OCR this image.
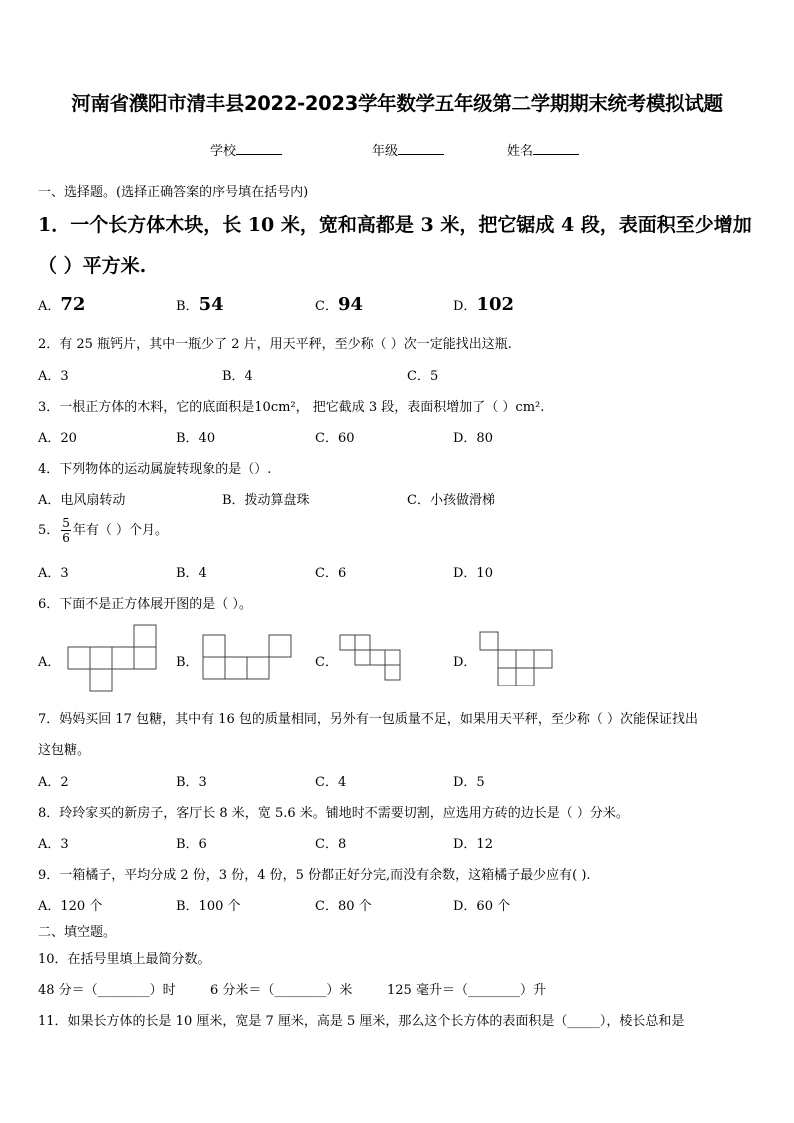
河南省濮阳市清丰县2022-2023学年数学五年级第二学期期末统考模拟试题
学校	年级	姓名
一、选择题。(选择正确答案的序号填在括号内)
1．一个长方体木块，长 10 米，宽和高都是 3 米，把它锯成 4 段，表面积至少增加
（ ）平方米.
A．72	B．54	C．94	D．102
2．有 25 瓶钙片，其中一瓶少了 2 片，用天平秤，至少称（ ）次一定能找出这瓶.
A．3	B．4	C．5
3．一根正方体的木料，它的底面积是10cm²， 把它截成 3 段，表面积增加了（ ）cm².
A．20	B．40	C．60	D．80
4．下列物体的运动属旋转现象的是（）.
A．电风扇转动	B．拨动算盘珠	C．小孩做滑梯
5． $\frac{5}{6}$ 年有（ ）个月。
A．3	B．4	C．6	D．10
6．下面不是正方体展开图的是（ ）。
A．	B．	C．	D．
7．妈妈买回 17 包糖，其中有 16 包的质量相同，另外有一包质量不足，如果用天平秤，至少称（ ）次能保证找出
这包糖。
A．2	B．3	C．4	D．5
8．玲玲家买的新房子，客厅长 8 米，宽 5.6 米。铺地时不需要切割，应选用方砖的边长是（ ）分米。
A．3	B．6	C．8	D．12
9．一箱橘子，平均分成 2 份，3 份，4 份，5 份都正好分完,而没有余数，这箱橘子最少应有( ).
A．120 个	B．100 个	C．80 个	D．60 个
二、填空题。
10．在括号里填上最简分数。
48 分＝（________）时	6 分米＝（________）米	125 毫升＝（________）升
11．如果长方体的长是 10 厘米，宽是 7 厘米，高是 5 厘米，那么这个长方体的表面积是（_____），棱长总和是
